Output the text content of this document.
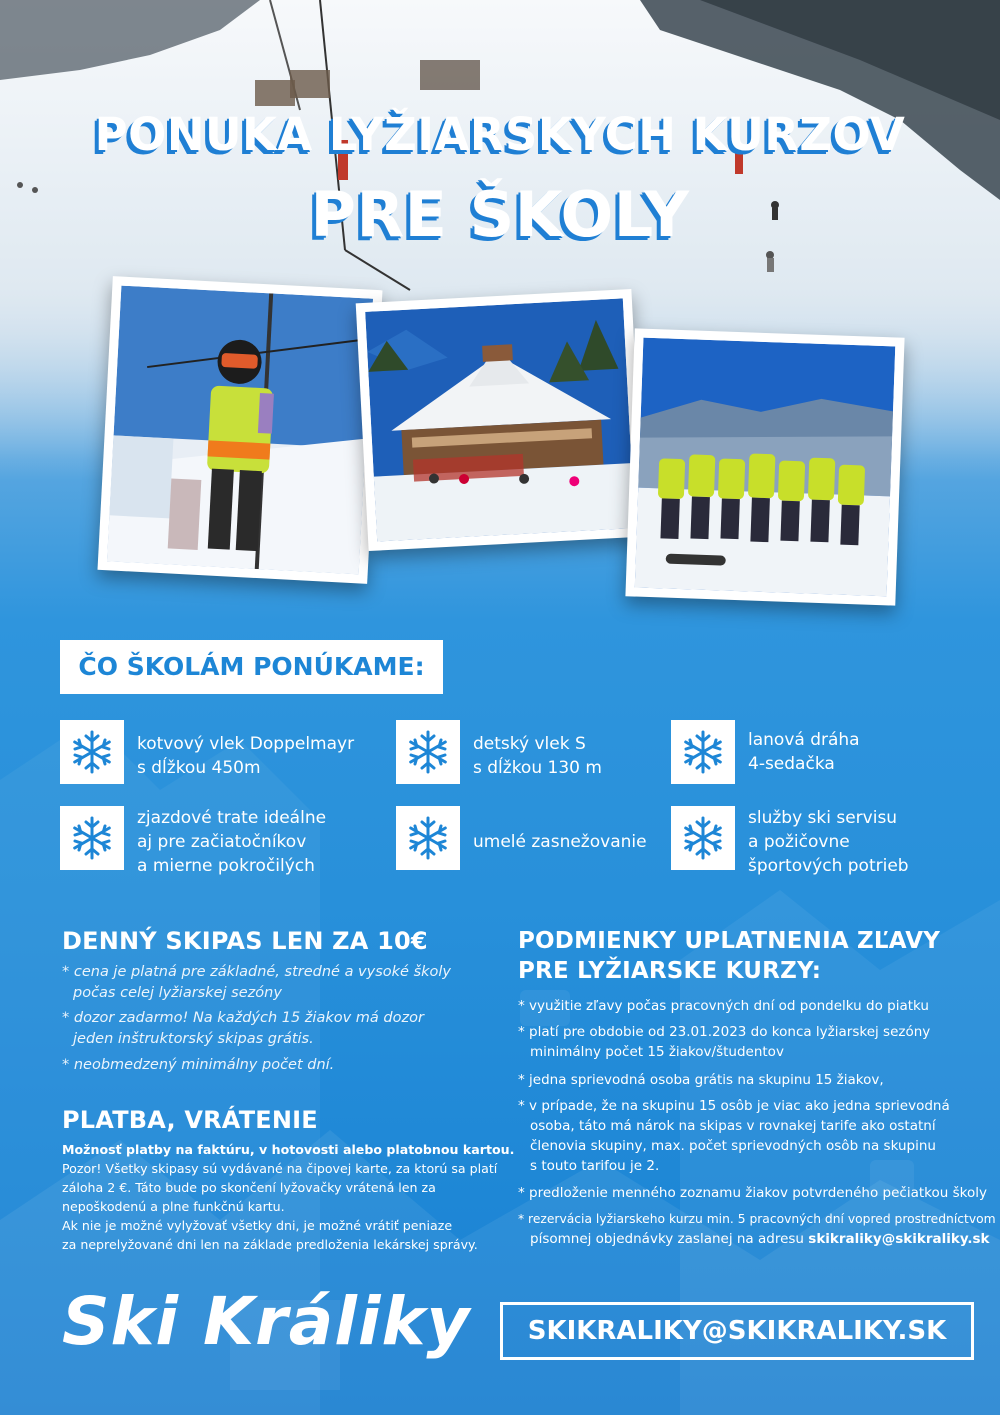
PONUKA LYŽIARSKYCH KURZOV
PRE ŠKOLY
ČO ŠKOLÁM PONÚKAME:
kotvový vlek Doppelmayr
s dĺžkou 450m
detský vlek S
s dĺžkou 130 m
lanová dráha
4-sedačka
zjazdové trate ideálne
aj pre začiatočníkov
a mierne pokročilých
umelé zasnežovanie
služby ski servisu
a požičovne
športových potrieb
DENNÝ SKIPAS LEN ZA 10€
* cena je platná pre základné, stredné a vysoké školy
počas celej lyžiarskej sezóny
* dozor zadarmo! Na každých 15 žiakov má dozor
jeden inštruktorský skipas grátis.
* neobmedzený minimálny počet dní.
PLATBA, VRÁTENIE
Možnosť platby na faktúru, v hotovosti alebo platobnou kartou.
Pozor! Všetky skipasy sú vydávané na čipovej karte, za ktorú sa platí
záloha 2 €. Táto bude po skončení lyžovačky vrátená len za
nepoškodenú a plne funkčnú kartu.
Ak nie je možné vylyžovať všetky dni, je možné vrátiť peniaze
za neprelyžované dni len na základe predloženia lekárskej správy.
PODMIENKY UPLATNENIA ZĽAVY
PRE LYŽIARSKE KURZY:
* využitie zľavy počas pracovných dní od pondelku do piatku
* platí pre obdobie od 23.01.2023 do konca lyžiarskej sezóny
minimálny počet 15 žiakov/študentov
* jedna sprievodná osoba grátis na skupinu 15 žiakov,
* v prípade, že na skupinu 15 osôb je viac ako jedna sprievodná
osoba, táto má nárok na skipas v rovnakej tarife ako ostatní
členovia skupiny, max. počet sprievodných osôb na skupinu
s touto tarifou je 2.
* predloženie menného zoznamu žiakov potvrdeného pečiatkou školy
* rezervácia lyžiarskeho kurzu min. 5 pracovných dní vopred prostredníctvom
písomnej objednávky zaslanej na adresu skikraliky@skikraliky.sk
Ski Králiky	SKIKRALIKY@SKIKRALIKY.SK
